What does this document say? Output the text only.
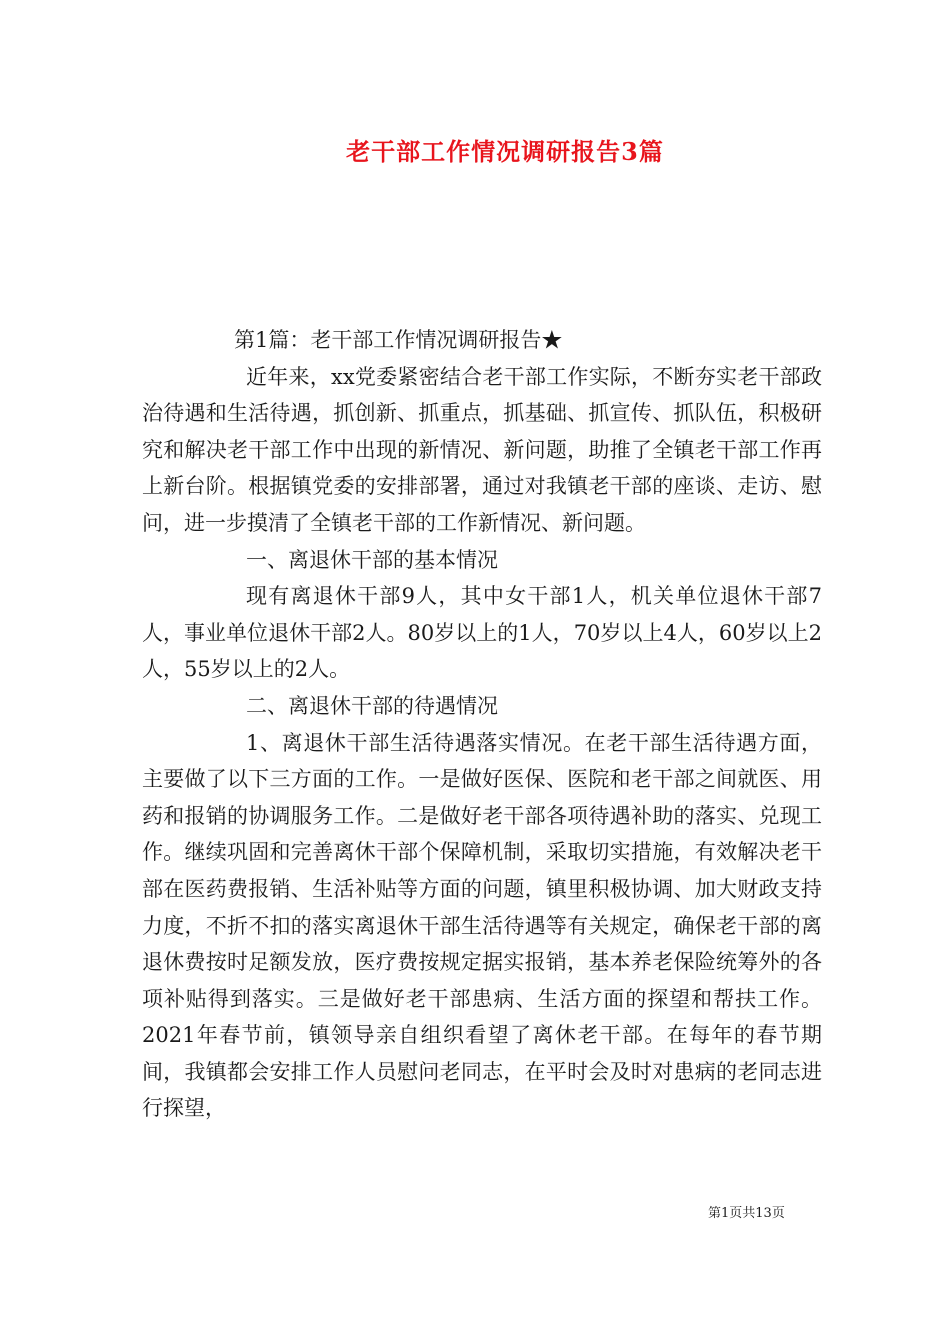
老干部工作情况调研报告3篇

第1篇：老干部工作情况调研报告★

近年来，xx党委紧密结合老干部工作实际，不断夯实老干部政治待遇和生活待遇，抓创新、抓重点，抓基础、抓宣传、抓队伍，积极研究和解决老干部工作中出现的新情况、新问题，助推了全镇老干部工作再上新台阶。根据镇党委的安排部署，通过对我镇老干部的座谈、走访、慰问，进一步摸清了全镇老干部的工作新情况、新问题。

一、离退休干部的基本情况

现有离退休干部9人，其中女干部1人，机关单位退休干部7人，事业单位退休干部2人。80岁以上的1人，70岁以上4人，60岁以上2人，55岁以上的2人。

二、离退休干部的待遇情况

1、离退休干部生活待遇落实情况。在老干部生活待遇方面，主要做了以下三方面的工作。一是做好医保、医院和老干部之间就医、用药和报销的协调服务工作。二是做好老干部各项待遇补助的落实、兑现工作。继续巩固和完善离休干部个保障机制，采取切实措施，有效解决老干部在医药费报销、生活补贴等方面的问题，镇里积极协调、加大财政支持力度，不折不扣的落实离退休干部生活待遇等有关规定，确保老干部的离退休费按时足额发放，医疗费按规定据实报销，基本养老保险统筹外的各项补贴得到落实。三是做好老干部患病、生活方面的探望和帮扶工作。2021年春节前，镇领导亲自组织看望了离休老干部。在每年的春节期间，我镇都会安排工作人员慰问老同志，在平时会及时对患病的老同志进行探望，

第1页共13页
